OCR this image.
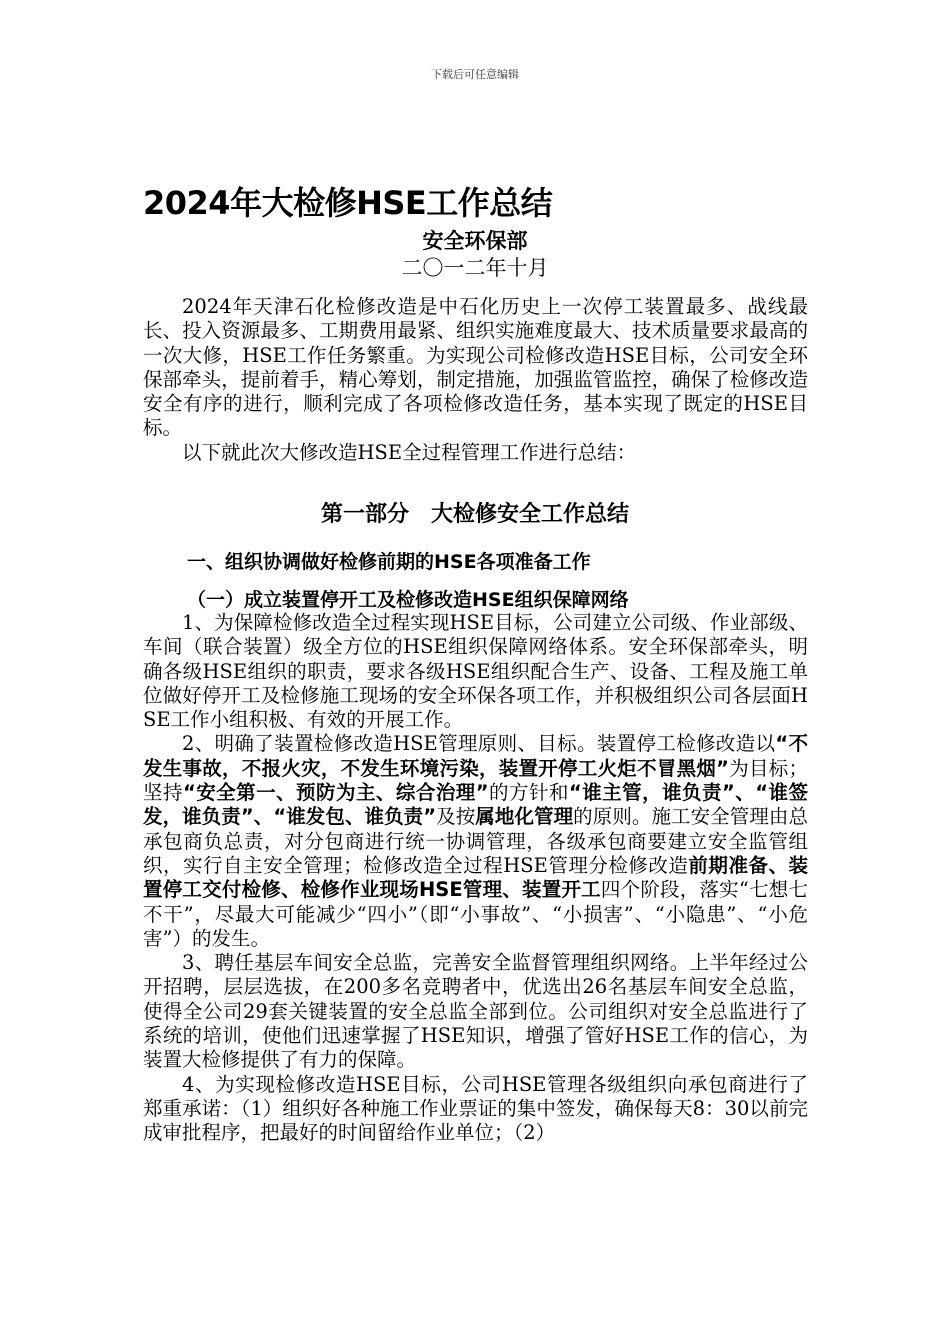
下载后可任意编辑
2024年大检修HSE工作总结
安全环保部
二〇一二年十月

2024年天津石化检修改造是中石化历史上一次停工装置最多、战线最长、投入资源最多、工期费用最紧、组织实施难度最大、技术质量要求最高的一次大修，HSE工作任务繁重。为实现公司检修改造HSE目标，公司安全环保部牵头，提前着手，精心筹划，制定措施，加强监管监控，确保了检修改造安全有序的进行，顺利完成了各项检修改造任务，基本实现了既定的HSE目标。

以下就此次大修改造HSE全过程管理工作进行总结：

第一部分　大检修安全工作总结
一、组织协调做好检修前期的HSE各项准备工作
（一）成立装置停开工及检修改造HSE组织保障网络

1、为保障检修改造全过程实现HSE目标，公司建立公司级、作业部级、车间（联合装置）级全方位的HSE组织保障网络体系。安全环保部牵头，明确各级HSE组织的职责，要求各级HSE组织配合生产、设备、工程及施工单位做好停开工及检修施工现场的安全环保各项工作，并积极组织公司各层面HSE工作小组积极、有效的开展工作。

2、明确了装置检修改造HSE管理原则、目标。装置停工检修改造以“不发生事故，不报火灾，不发生环境污染，装置开停工火炬不冒黑烟”为目标；坚持“安全第一、预防为主、综合治理”的方针和“谁主管，谁负责”、“谁签发，谁负责”、“谁发包、谁负责”及按属地化管理的原则。施工安全管理由总承包商负总责，对分包商进行统一协调管理，各级承包商要建立安全监管组织，实行自主安全管理；检修改造全过程HSE管理分检修改造前期准备、装置停工交付检修、检修作业现场HSE管理、装置开工四个阶段，落实“七想七不干”，尽最大可能减少“四小”（即“小事故”、“小损害”、“小隐患”、“小危害”）的发生。

3、聘任基层车间安全总监，完善安全监督管理组织网络。上半年经过公开招聘，层层选拔，在200多名竞聘者中，优选出26名基层车间安全总监，使得全公司29套关键装置的安全总监全部到位。公司组织对安全总监进行了系统的培训，使他们迅速掌握了HSE知识，增强了管好HSE工作的信心，为装置大检修提供了有力的保障。

4、为实现检修改造HSE目标，公司HSE管理各级组织向承包商进行了郑重承诺：（1）组织好各种施工作业票证的集中签发，确保每天8：30以前完成审批程序，把最好的时间留给作业单位；（2）
